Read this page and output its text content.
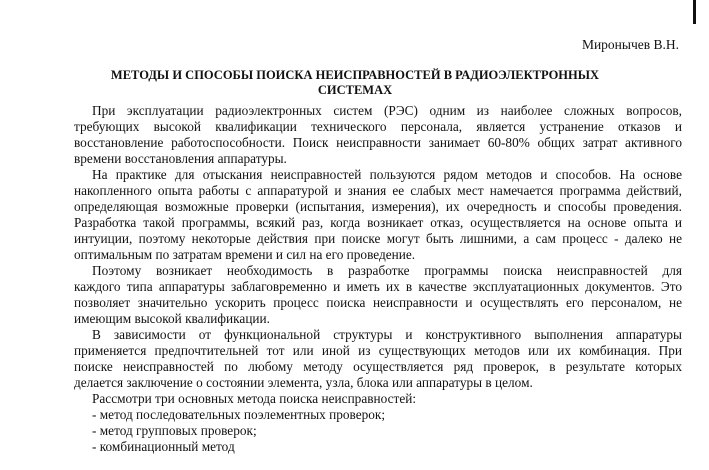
Миронычев В.Н.
МЕТОДЫ И СПОСОБЫ ПОИСКА НЕИСПРАВНОСТЕЙ В РАДИОЭЛЕКТРОННЫХ
СИСТЕМАХ
При эксплуатации радиоэлектронных систем (РЭС) одним из наиболее сложных вопросов,
требующих высокой квалификации технического персонала, является устранение отказов и
восстановление работоспособности. Поиск неисправности занимает 60-80% общих затрат активного
времени восстановления аппаратуры.
На практике для отыскания неисправностей пользуются рядом методов и способов. На основе
накопленного опыта работы с аппаратурой и знания ее слабых мест намечается программа действий,
определяющая возможные проверки (испытания, измерения), их очередность и способы проведения.
Разработка такой программы, всякий раз, когда возникает отказ, осуществляется на основе опыта и
интуиции, поэтому некоторые действия при поиске могут быть лишними, а сам процесс - далеко не
оптимальным по затратам времени и сил на его проведение.
Поэтому возникает необходимость в разработке программы поиска неисправностей для
каждого типа аппаратуры заблаговременно и иметь их в качестве эксплуатационных документов. Это
позволяет значительно ускорить процесс поиска неисправности и осуществлять его персоналом, не
имеющим высокой квалификации.
В зависимости от функциональной структуры и конструктивного выполнения аппаратуры
применяется предпочтительней тот или иной из существующих методов или их комбинация. При
поиске неисправностей по любому методу осуществляется ряд проверок, в результате которых
делается заключение о состоянии элемента, узла, блока или аппаратуры в целом.
Рассмотри три основных метода поиска неисправностей:
- метод последовательных поэлементных проверок;
- метод групповых проверок;
- комбинационный метод
